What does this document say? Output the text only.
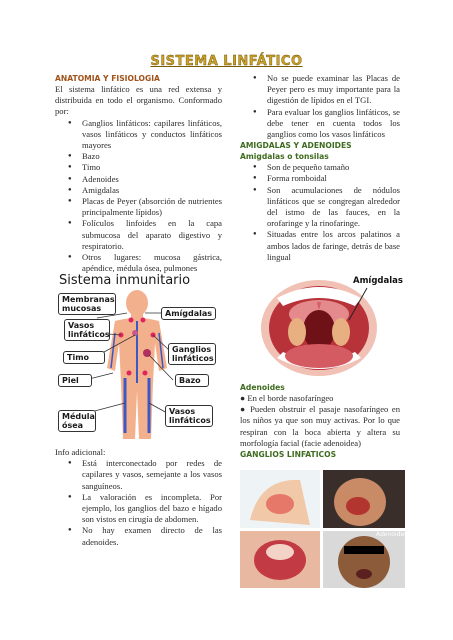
SISTEMA LINFÁTICO
ANATOMIA Y FISIOLOGIA

El sistema linfático es una red extensa y distribuida en todo el organismo. Conformado por:

● Ganglios linfáticos: capilares linfáticos, vasos linfáticos y conductos linfáticos mayores
● Bazo
● Timo
● Adenoides
● Amigdalas
● Placas de Peyer (absorción de nutrientes principalmente lípidos)
● Folículos linfoides en la capa submucosa del aparato digestivo y respiratorio.
● Otros lugares: mucosa gástrica, apéndice, médula ósea, pulmones
Sistema inmunitario
Membranas mucosas
Amígdalas
Vasos linfáticos
Ganglios linfáticos
Timo
Piel	Bazo
Médula ósea
Vasos linfáticos

Info adicional:

● Está interconectado por redes de capilares y vasos, semejante a los vasos sanguíneos.
● La valoración es incompleta. Por ejemplo, los ganglios del bazo e hígado son vistos en cirugía de abdomen.
● No hay examen directo de las adenoides.
● No se puede examinar las Placas de Peyer pero es muy importante para la digestión de lípidos en el TGI.
● Para evaluar los ganglios linfáticos, se debe tener en cuenta todos los ganglios como los vasos linfáticos
AMIGDALAS Y ADENOIDES
Amigdalas o tonsilas
● Son de pequeño tamaño
● Forma romboidal
● Son acumulaciones de nódulos linfáticos que se congregan alrededor del istmo de las fauces, en la orofaringe y la rinofaringe.
● Situadas entre los arcos palatinos a ambos lados de faringe, detrás de base lingual
Amígdalas
Adenoides

● En el borde nasofaríngeo

● Pueden obstruir el pasaje nasofaríngeo en los niños ya que son muy activas. Por lo que respiran con la boca abierta y altera su morfología facial (facie adenoidea)

GANGLIOS LINFATICOS
Adenoides
